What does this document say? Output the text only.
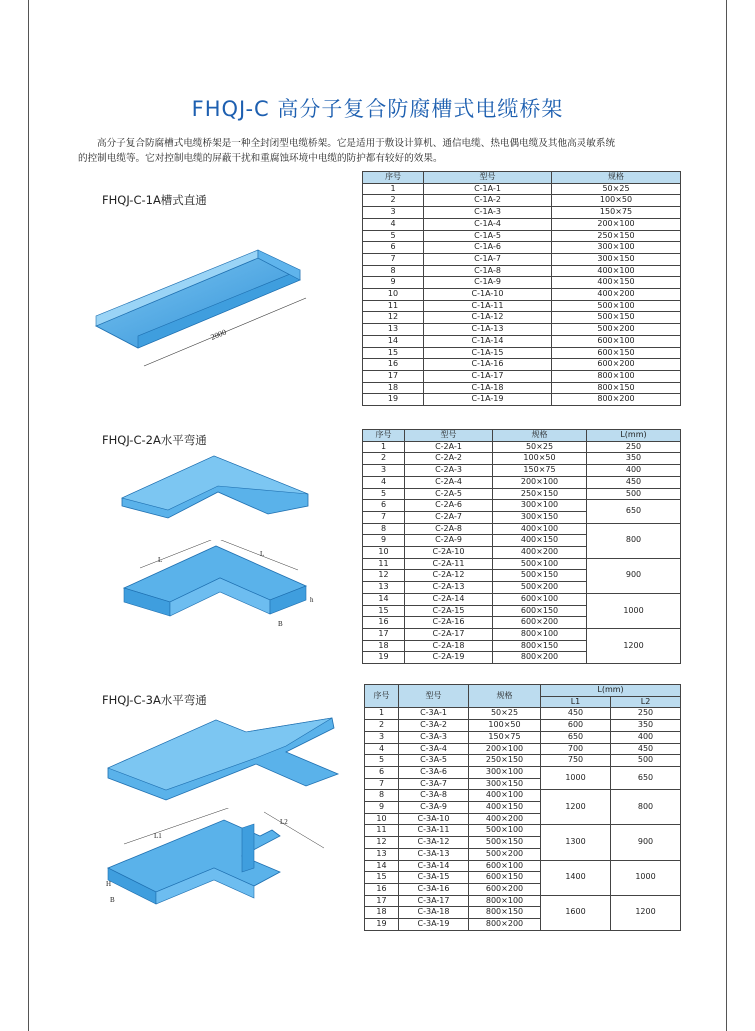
FHQJ-C 高分子复合防腐槽式电缆桥架
高分子复合防腐槽式电缆桥架是一种全封闭型电缆桥架。它是适用于敷设计算机、通信电缆、热电偶电缆及其他高灵敏系统
的控制电缆等。它对控制电缆的屏蔽干扰和重腐蚀环境中电缆的防护都有较好的效果。
FHQJ-C-1A槽式直通
2000
序号	型号	规格
1	C-1A-1	50×25
2	C-1A-2	100×50
3	C-1A-3	150×75
4	C-1A-4	200×100
5	C-1A-5	250×150
6	C-1A-6	300×100
7	C-1A-7	300×150
8	C-1A-8	400×100
9	C-1A-9	400×150
10	C-1A-10	400×200
11	C-1A-11	500×100
12	C-1A-12	500×150
13	C-1A-13	500×200
14	C-1A-14	600×100
15	C-1A-15	600×150
16	C-1A-16	600×200
17	C-1A-17	800×100
18	C-1A-18	800×150
19	C-1A-19	800×200
FHQJ-C-2A水平弯通
L
L
h
B
序号	型号	规格	L(mm)
1	C-2A-1	50×25	250
2	C-2A-2	100×50	350
3	C-2A-3	150×75	400
4	C-2A-4	200×100	450
5	C-2A-5	250×150	500
6	C-2A-6	300×100	650
7	C-2A-7	300×150	
8	C-2A-8	400×100	800
9	C-2A-9	400×150	
10	C-2A-10	400×200	
11	C-2A-11	500×100	900
12	C-2A-12	500×150	
13	C-2A-13	500×200	
14	C-2A-14	600×100	1000
15	C-2A-15	600×150	
16	C-2A-16	600×200	
17	C-2A-17	800×100	1200
18	C-2A-18	800×150	
19	C-2A-19	800×200	
FHQJ-C-3A水平弯通
L1
L2
B
H
序号	型号	规格	L(mm)	
			L1	L2
1	C-3A-1	50×25	450	250
2	C-3A-2	100×50	600	350
3	C-3A-3	150×75	650	400
4	C-3A-4	200×100	700	450
5	C-3A-5	250×150	750	500
6	C-3A-6	300×100	1000	650
7	C-3A-7	300×150		
8	C-3A-8	400×100	1200	800
9	C-3A-9	400×150		
10	C-3A-10	400×200		
11	C-3A-11	500×100	1300	900
12	C-3A-12	500×150		
13	C-3A-13	500×200		
14	C-3A-14	600×100	1400	1000
15	C-3A-15	600×150		
16	C-3A-16	600×200		
17	C-3A-17	800×100	1600	1200
18	C-3A-18	800×150		
19	C-3A-19	800×200		
